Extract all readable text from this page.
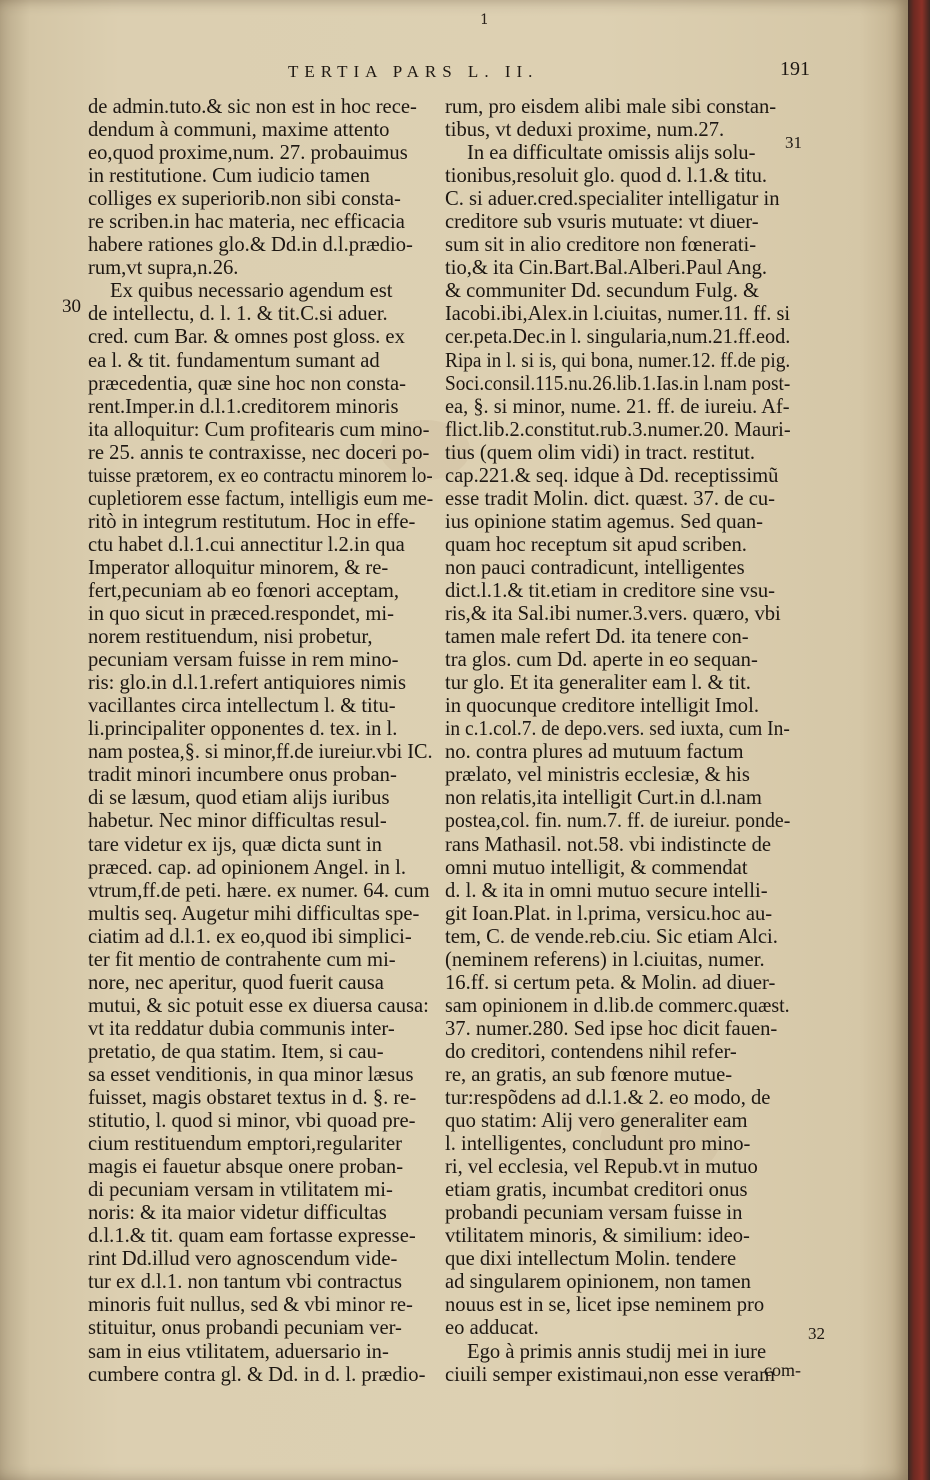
1
TERTIA PARS L. II.	191
de admin.tuto.& sic non est in hoc rece-
dendum à communi, maxime attento
eo,quod proxime,num. 27. probauimus
in restitutione. Cum iudicio tamen
colliges ex superiorib.non sibi consta-
re scriben.in hac materia, nec efficacia
habere rationes glo.& Dd.in d.l.prædio-
rum,vt supra,n.26.
Ex quibus necessario agendum est
de intellectu, d. l. 1. & tit.C.si aduer.
cred. cum Bar. & omnes post gloss. ex
ea l. & tit. fundamentum sumant ad
præcedentia, quæ sine hoc non consta-
rent.Imper.in d.l.1.creditorem minoris
ita alloquitur: Cum profitearis cum mino-
re 25. annis te contraxisse, nec doceri po-
tuisse prætorem, ex eo contractu minorem lo-
cupletiorem esse factum, intelligis eum me-
ritò in integrum restitutum. Hoc in effe-
ctu habet d.l.1.cui annectitur l.2.in qua
Imperator alloquitur minorem, & re-
fert,pecuniam ab eo fœnori acceptam,
in quo sicut in præced.respondet, mi-
norem restituendum, nisi probetur,
pecuniam versam fuisse in rem mino-
ris: glo.in d.l.1.refert antiquiores nimis
vacillantes circa intellectum l. & titu-
li.principaliter opponentes d. tex. in l.
nam postea,§. si minor,ff.de iureiur.vbi IC.
tradit minori incumbere onus proban-
di se læsum, quod etiam alijs iuribus
habetur. Nec minor difficultas resul-
tare videtur ex ijs, quæ dicta sunt in
præced. cap. ad opinionem Angel. in l.
vtrum,ff.de peti. hære. ex numer. 64. cum
multis seq. Augetur mihi difficultas spe-
ciatim ad d.l.1. ex eo,quod ibi simplici-
ter fit mentio de contrahente cum mi-
nore, nec aperitur, quod fuerit causa
mutui, & sic potuit esse ex diuersa causa:
vt ita reddatur dubia communis inter-
pretatio, de qua statim. Item, si cau-
sa esset venditionis, in qua minor læsus
fuisset, magis obstaret textus in d. §. re-
stitutio, l. quod si minor, vbi quoad pre-
cium restituendum emptori,regulariter
magis ei fauetur absque onere proban-
di pecuniam versam in vtilitatem mi-
noris: & ita maior videtur difficultas
d.l.1.& tit. quam eam fortasse expresse-
rint Dd.illud vero agnoscendum vide-
tur ex d.l.1. non tantum vbi contractus
minoris fuit nullus, sed & vbi minor re-
stituitur, onus probandi pecuniam ver-
sam in eius vtilitatem, aduersario in-
cumbere contra gl. & Dd. in d. l. prædio-
rum, pro eisdem alibi male sibi constan-
tibus, vt deduxi proxime, num.27.
In ea difficultate omissis alijs solu-
tionibus,resoluit glo. quod d. l.1.& titu.
C. si aduer.cred.specialiter intelligatur in
creditore sub vsuris mutuate: vt diuer-
sum sit in alio creditore non fœnerati-
tio,& ita Cin.Bart.Bal.Alberi.Paul Ang.
& communiter Dd. secundum Fulg. &
Iacobi.ibi,Alex.in l.ciuitas, numer.11. ff. si
cer.peta.Dec.in l. singularia,num.21.ff.eod.
Ripa in l. si is, qui bona, numer.12. ff.de pig.
Soci.consil.115.nu.26.lib.1.Ias.in l.nam post-
ea, §. si minor, nume. 21. ff. de iureiu. Af-
flict.lib.2.constitut.rub.3.numer.20. Mauri-
tius (quem olim vidi) in tract. restitut.
cap.221.& seq. idque à Dd. receptissimũ
esse tradit Molin. dict. quæst. 37. de cu-
ius opinione statim agemus. Sed quan-
quam hoc receptum sit apud scriben.
non pauci contradicunt, intelligentes
dict.l.1.& tit.etiam in creditore sine vsu-
ris,& ita Sal.ibi numer.3.vers. quæro, vbi
tamen male refert Dd. ita tenere con-
tra glos. cum Dd. aperte in eo sequan-
tur glo. Et ita generaliter eam l. & tit.
in quocunque creditore intelligit Imol.
in c.1.col.7. de depo.vers. sed iuxta, cum In-
no. contra plures ad mutuum factum
prælato, vel ministris ecclesiæ, & his
non relatis,ita intelligit Curt.in d.l.nam
postea,col. fin. num.7. ff. de iureiur. ponde-
rans Mathasil. not.58. vbi indistincte de
omni mutuo intelligit, & commendat
d. l. & ita in omni mutuo secure intelli-
git Ioan.Plat. in l.prima, versicu.hoc au-
tem, C. de vende.reb.ciu. Sic etiam Alci.
(neminem referens) in l.ciuitas, numer.
16.ff. si certum peta. & Molin. ad diuer-
sam opinionem in d.lib.de commerc.quæst.
37. numer.280. Sed ipse hoc dicit fauen-
do creditori, contendens nihil refer-
re, an gratis, an sub fœnore mutue-
tur:respõdens ad d.l.1.& 2. eo modo, de
quo statim: Alij vero generaliter eam
l. intelligentes, concludunt pro mino-
ri, vel ecclesia, vel Repub.vt in mutuo
etiam gratis, incumbat creditori onus
probandi pecuniam versam fuisse in
vtilitatem minoris, & similium: ideo-
que dixi intellectum Molin. tendere
ad singularem opinionem, non tamen
nouus est in se, licet ipse neminem pro
eo adducat.
Ego à primis annis studij mei in iure
ciuili semper existimaui,non esse veram
30
31
32
com-
